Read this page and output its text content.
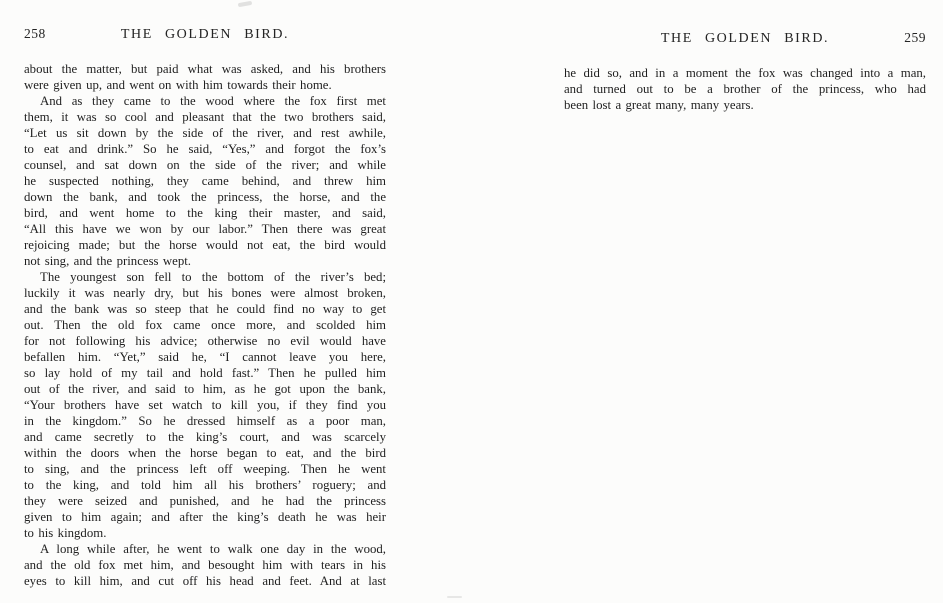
258	THE GOLDEN BIRD.
about the matter, but paid what was asked, and his brothers
were given up, and went on with him towards their home.
And as they came to the wood where the fox first met
them, it was so cool and pleasant that the two brothers said,
“Let us sit down by the side of the river, and rest awhile,
to eat and drink.” So he said, “Yes,” and forgot the fox’s
counsel, and sat down on the side of the river; and while
he suspected nothing, they came behind, and threw him
down the bank, and took the princess, the horse, and the
bird, and went home to the king their master, and said,
“All this have we won by our labor.” Then there was great
rejoicing made; but the horse would not eat, the bird would
not sing, and the princess wept.
The youngest son fell to the bottom of the river’s bed;
luckily it was nearly dry, but his bones were almost broken,
and the bank was so steep that he could find no way to get
out. Then the old fox came once more, and scolded him
for not following his advice; otherwise no evil would have
befallen him. “Yet,” said he, “I cannot leave you here,
so lay hold of my tail and hold fast.” Then he pulled him
out of the river, and said to him, as he got upon the bank,
“Your brothers have set watch to kill you, if they find you
in the kingdom.” So he dressed himself as a poor man,
and came secretly to the king’s court, and was scarcely
within the doors when the horse began to eat, and the bird
to sing, and the princess left off weeping. Then he went
to the king, and told him all his brothers’ roguery; and
they were seized and punished, and he had the princess
given to him again; and after the king’s death he was heir
to his kingdom.
A long while after, he went to walk one day in the wood,
and the old fox met him, and besought him with tears in his
eyes to kill him, and cut off his head and feet. And at last
THE GOLDEN BIRD.	259
he did so, and in a moment the fox was changed into a man,
and turned out to be a brother of the princess, who had
been lost a great many, many years.
